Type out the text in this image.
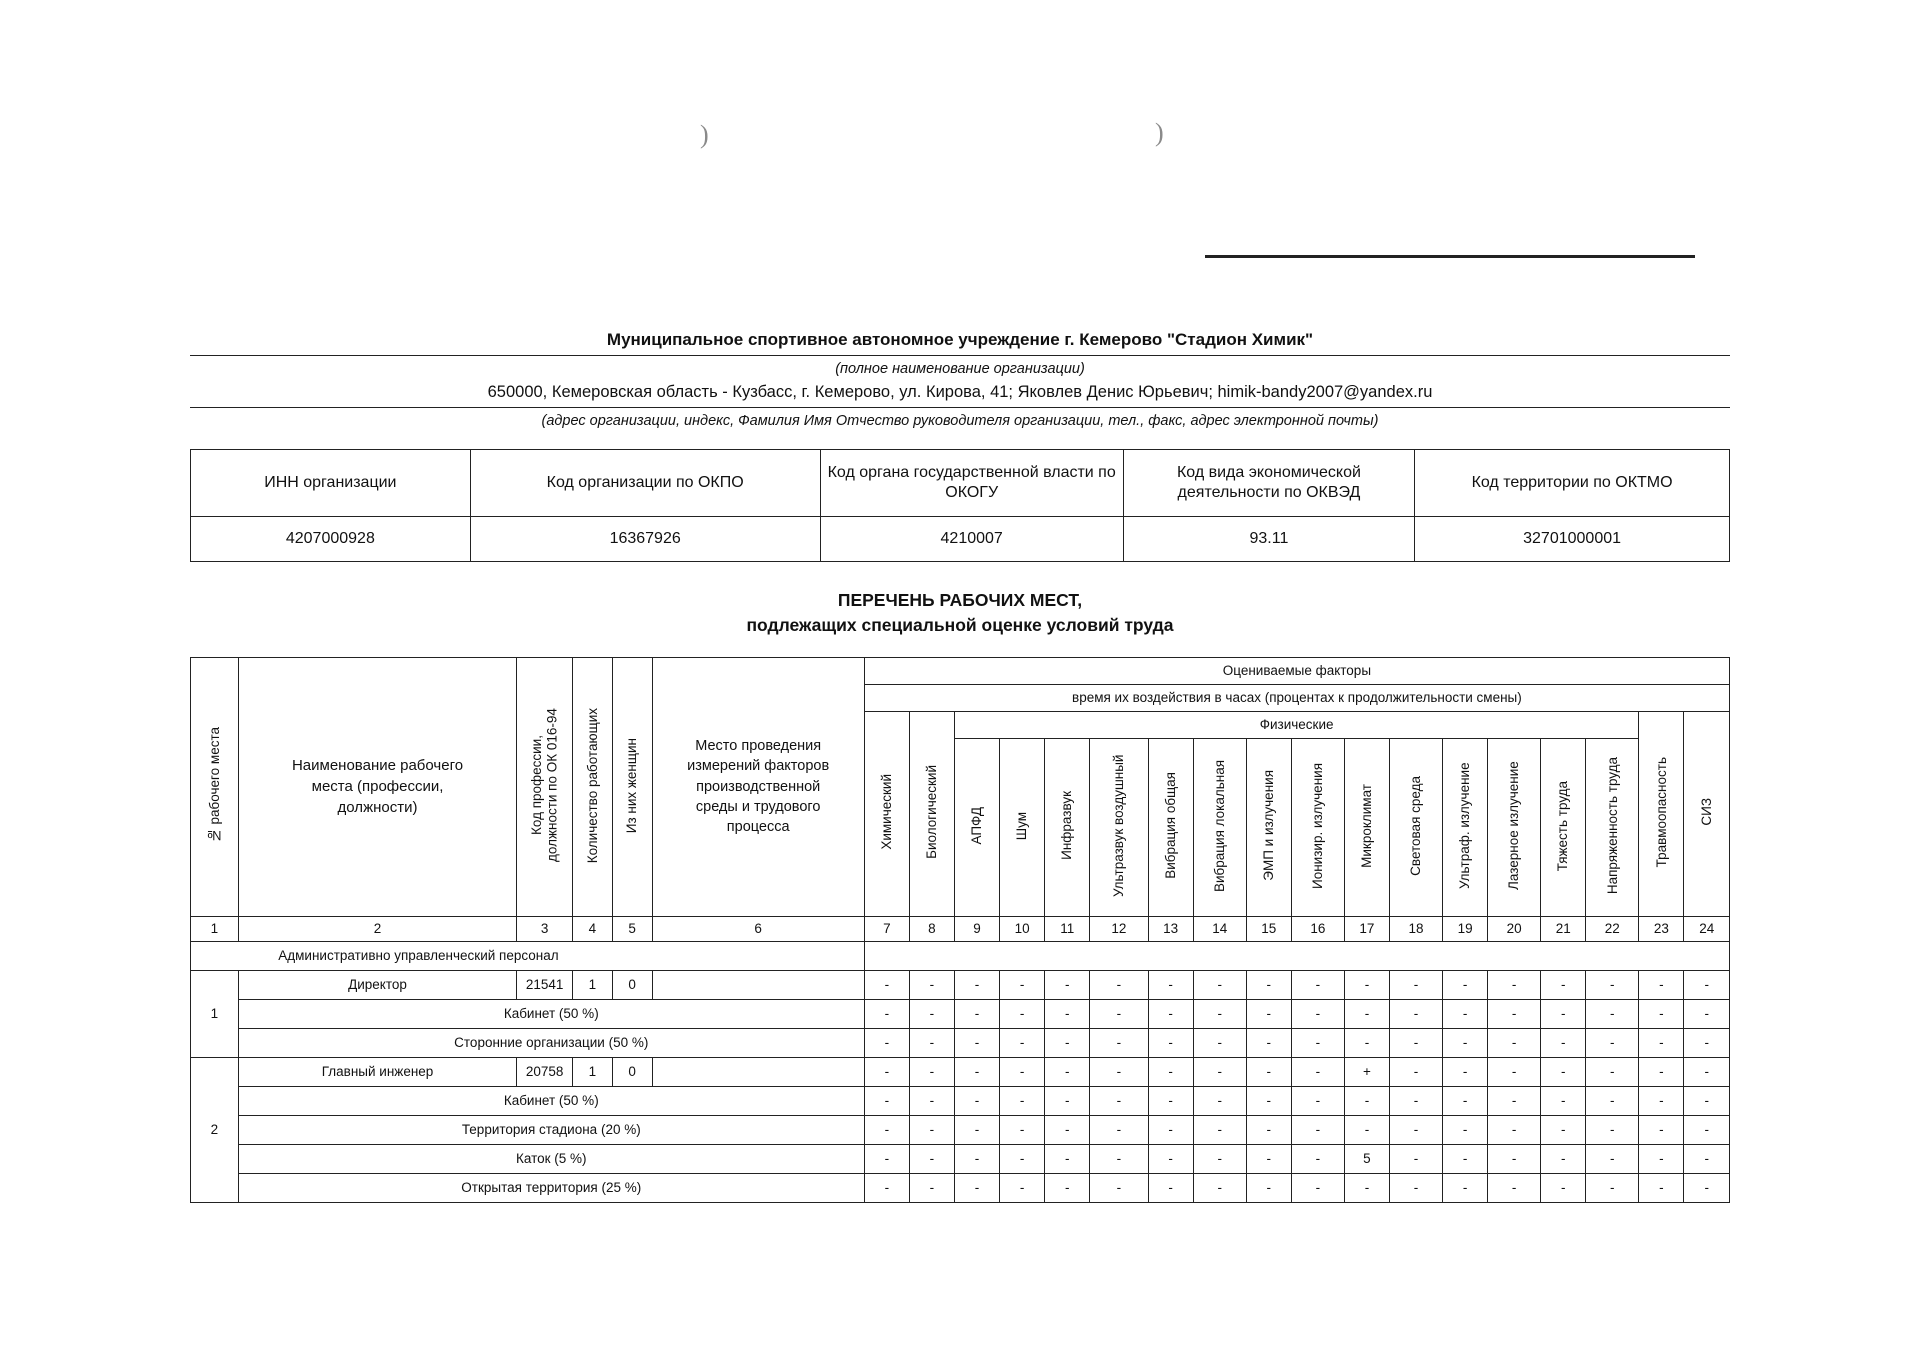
)	)
Муниципальное спортивное автономное учреждение г. Кемерово "Стадион Химик"
(полное наименование организации)
650000, Кемеровская область - Кузбасс, г. Кемерово, ул. Кирова, 41; Яковлев Денис Юрьевич; himik-bandy2007@yandex.ru
(адрес организации, индекс, Фамилия Имя Отчество руководителя организации, тел., факс, адрес электронной почты)
ИНН организации	Код организации по ОКПО	Код органа государственной власти по ОКОГУ	Код вида экономической деятельности по ОКВЭД	Код территории по ОКТМО
4207000928	16367926	4210007	93.11	32701000001
ПЕРЕЧЕНЬ РАБОЧИХ МЕСТ,
подлежащих специальной оценке условий труда
№ рабочего места	Наименование рабочего места (профессии, должности)	Код профессии, должности по ОК 016-94	Количество работающих	Из них женщин	Место проведения измерений факторов производственной среды и трудового процесса	Оцениваемые факторы																	
						время их воздействия в часах (процентах к продолжительности смены)																	
						Химический	Биологический	Физические														Травмоопасность	СИЗ
								АПФД	Шум	Инфразвук	Ультразвук воздушный	Вибрация общая	Вибрация локальная	ЭМП и излучения	Ионизир. излучения	Микроклимат	Световая среда	Ультраф. излучение	Лазерное излучение	Тяжесть труда	Напряженность труда		
1	2	3	4	5	6	7	8	9	10	11	12	13	14	15	16	17	18	19	20	21	22	23	24
	Административно управленческий персонал																						
1	Директор	21541	1	0		-	-	-	-	-	-	-	-	-	-	-	-	-	-	-	-	-	-
	Кабинет (50 %)					-	-	-	-	-	-	-	-	-	-	-	-	-	-	-	-	-	-
	Сторонние организации (50 %)					-	-	-	-	-	-	-	-	-	-	-	-	-	-	-	-	-	-
2	Главный инженер	20758	1	0		-	-	-	-	-	-	-	-	-	-	+	-	-	-	-	-	-	-
	Кабинет (50 %)					-	-	-	-	-	-	-	-	-	-	-	-	-	-	-	-	-	-
	Территория стадиона (20 %)					-	-	-	-	-	-	-	-	-	-	-	-	-	-	-	-	-	-
	Каток (5 %)					-	-	-	-	-	-	-	-	-	-	5	-	-	-	-	-	-	-
	Открытая территория (25 %)					-	-	-	-	-	-	-	-	-	-	-	-	-	-	-	-	-	-
